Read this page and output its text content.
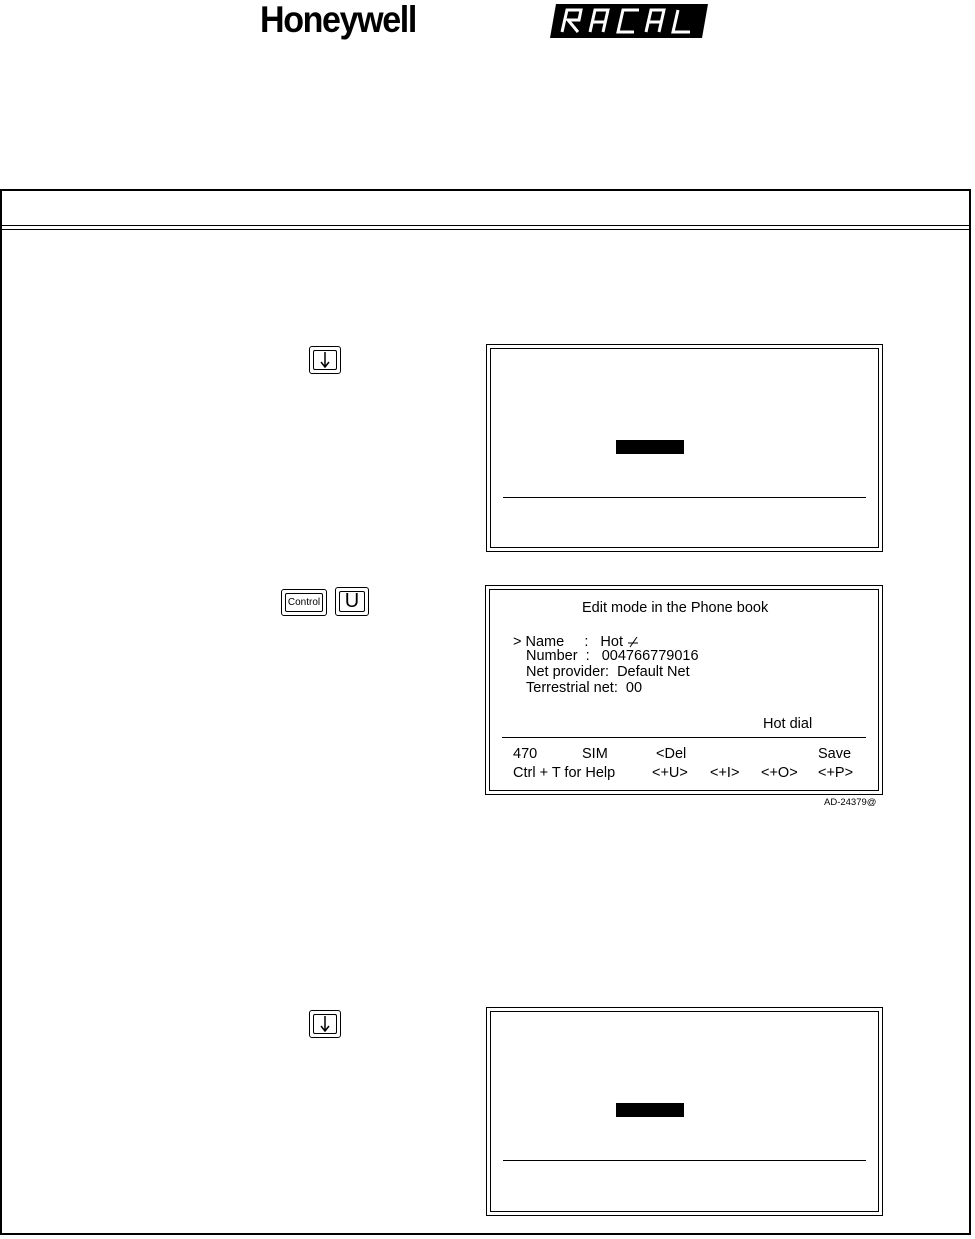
Honeywell
Control U	Edit mode in the Phone book
> Name     :   Hot
Number  :   004766779016
Net provider:  Default Net
Terrestrial net:  00
Hot dial
470	SIM	<Del	Save
Ctrl + T for Help	<+U> <+I> <+O> <+P>
AD-24379@
